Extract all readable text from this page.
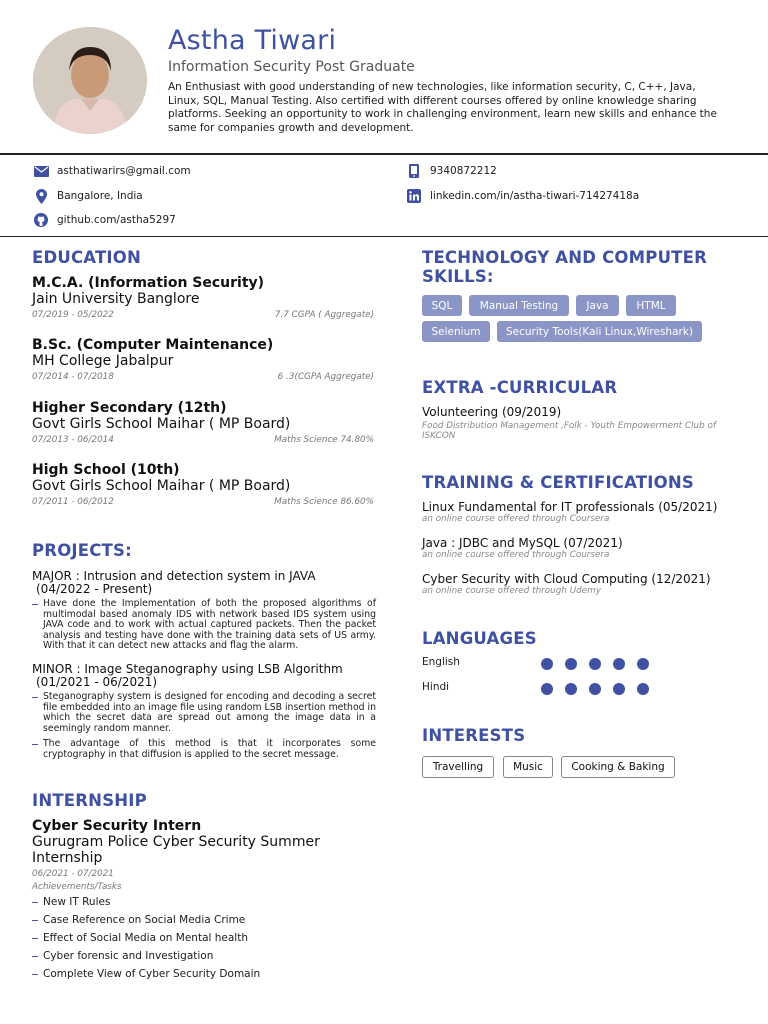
Astha Tiwari
Information Security Post Graduate
An Enthusiast with good understanding of new technologies, like information security, C, C++, Java, Linux, SQL, Manual Testing. Also certified with different courses offered by online knowledge sharing platforms. Seeking an opportunity to work in challenging environment, learn new skills and enhance the same for companies growth and development.
asthatiwarirs@gmail.com	9340872212
Bangalore, India	linkedin.com/in/astha-tiwari-71427418a
github.com/astha5297
EDUCATION
M.C.A. (Information Security)
Jain University Banglore
07/2019 - 05/2022	7.7 CGPA ( Aggregate)
B.Sc. (Computer Maintenance)
MH College Jabalpur
07/2014 - 07/2018	6 .3(CGPA Aggregate)
Higher Secondary (12th)
Govt Girls School Maihar ( MP Board)
07/2013 - 06/2014	Maths Science 74.80%
High School (10th)
Govt Girls School Maihar ( MP Board)
07/2011 - 06/2012	Maths Science 86.60%
PROJECTS:
MAJOR : Intrusion and detection system in JAVA
(04/2022 - Present)
Have done the Implementation of both the proposed algorithms of multimodal based anomaly IDS with network based IDS system using JAVA code and to work with actual captured packets. Then the packet analysis and testing have done with the training data sets of US army. With that it can detect new attacks and flag the alarm.
MINOR : Image Steganography using LSB Algorithm
(01/2021 - 06/2021)
Steganography system is designed for encoding and decoding a secret file embedded into an image file using random LSB insertion method in which the secret data are spread out among the image data in a seemingly random manner.
The advantage of this method is that it incorporates some cryptography in that diffusion is applied to the secret message.
INTERNSHIP
Cyber Security Intern
Gurugram Police Cyber Security Summer Internship
06/2021 - 07/2021
Achievements/Tasks
New IT Rules
Case Reference on Social Media Crime
Effect of Social Media on Mental health
Cyber forensic and Investigation
Complete View of Cyber Security Domain
TECHNOLOGY AND COMPUTER
SKILLS:
SQL	Manual Testing	Java	HTML
Selenium	Security Tools(Kali Linux,Wireshark)
EXTRA -CURRICULAR
Volunteering (09/2019)
Food Distribution Management ,Folk - Youth Empowerment Club of ISKCON
TRAINING & CERTIFICATIONS
Linux Fundamental for IT professionals (05/2021)
an online course offered through Coursera
Java : JDBC and MySQL (07/2021)
an online course offered through Coursera
Cyber Security with Cloud Computing (12/2021)
an online course offered through Udemy
LANGUAGES
English
Hindi
INTERESTS
Travelling	Music	Cooking & Baking
